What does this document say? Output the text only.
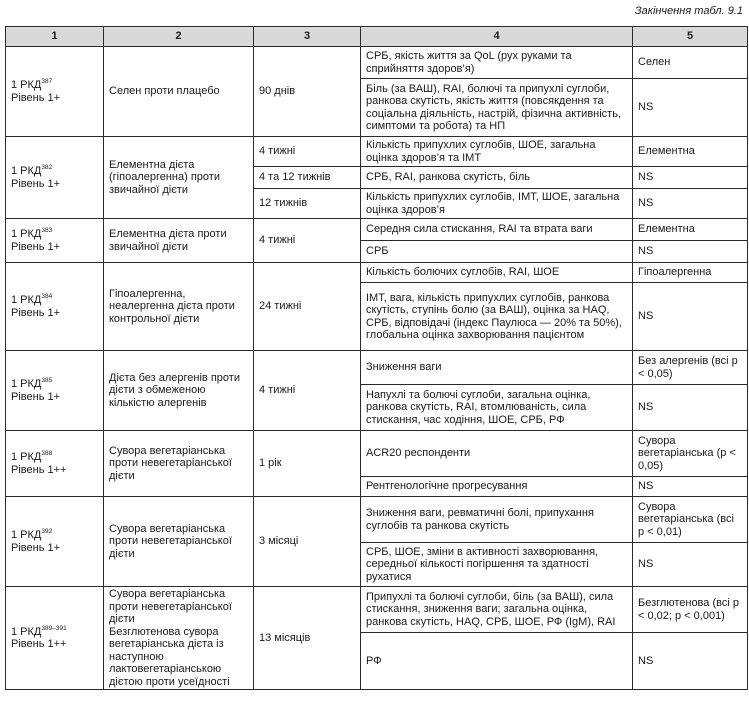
Закінчення табл. 9.1
1	2	3	4	5

1 РКД$^{387}$
Рівень 1+	Селен проти плацебо	90 днів	СРБ, якість життя за QoL (рух руками та сприйняття здоров’я)	Селен
			Біль (за ВАШ), RAI, болючі та припухлі суглоби, ранкова скутість, якість життя (повсякдення та соціальна діяльність, настрій, фізична активність, симптоми та робота) та НП	NS

1 РКД$^{382}$
Рівень 1+	Елементна дієта (гіпоалергенна) проти звичайної дієти	4 тижні	Кількість припухлих суглобів, ШОЕ, загальна оцінка здоров’я та ІМТ	Елементна
		4 та 12 тижнів	СРБ, RAI, ранкова скутість, біль	NS
		12 тижнів	Кількість припухлих суглобів, ІМТ, ШОЕ, загальна оцінка здоров’я	NS

1 РКД$^{383}$
Рівень 1+	Елементна дієта проти звичайної дієти	4 тижні	Середня сила стискання, RAI та втрата ваги	Елементна
			СРБ	NS

1 РКД$^{384}$
Рівень 1+	Гіпоалергенна, неалергенна дієта проти контрольної дієти	24 тижні	Кількість болючих суглобів, RAI, ШОЕ	Гіпоалергенна
			ІМТ, вага, кількість припухлих суглобів, ранкова скутість, ступінь болю (за ВАШ), оцінка за HAQ, СРБ, відповідачі (індекс Паулюса — 20% та 50%), глобальна оцінка захворювання пацієнтом	NS

1 РКД$^{385}$
Рівень 1+	Дієта без алергенів проти дієти з обмеженою кількістю алергенів	4 тижні	Зниження ваги	Без алергенів (всі p < 0,05)
			Напухлі та болючі суглоби, загальна оцінка, ранкова скутість, RAI, втомлюваність, сила стискання, час ходіння, ШОЕ, СРБ, РФ	NS

1 РКД$^{388}$
Рівень 1++	Сувора вегетаріанська проти невегетаріанської дієти	1 рік	ACR20 респонденти	Сувора вегетаріанська (p < 0,05)
			Рентгенологічне прогресування	NS

1 РКД$^{392}$
Рівень 1+	Сувора вегетаріанська проти невегетаріанської дієти	3 місяці	Зниження ваги, ревматичні болі, припухання суглобів та ранкова скутість	Сувора вегетаріанська (всі p < 0,01)
			СРБ, ШОЕ, зміни в активності захворювання, середньої кількості погіршення та здатності рухатися	NS

1 РКД$^{389-391}$
Рівень 1++	Сувора вегетаріанська проти невегетаріанської дієти
Безглютенова сувора вегетаріанська дієта із наступною лактовегетаріанською дієтою проти усеїдності	13 місяців	Припухлі та болючі суглоби, біль (за ВАШ), сила стискання, зниження ваги; загальна оцінка, ранкова скутість, HAQ, СРБ, ШОЕ, РФ (IgM), RAI	Безглютенова (всі p < 0,02; p < 0,001)
			РФ	NS
